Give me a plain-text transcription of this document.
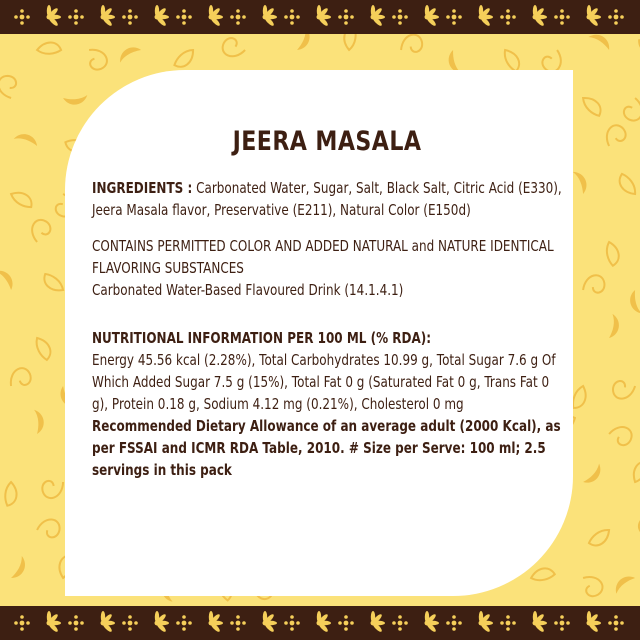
JEERA MASALA

INGREDIENTS : Carbonated Water, Sugar, Salt, Black Salt, Citric Acid (E330), Jeera Masala flavor, Preservative (E211), Natural Color (E150d)

CONTAINS PERMITTED COLOR AND ADDED NATURAL and NATURE IDENTICAL FLAVORING SUBSTANCES

Carbonated Water-Based Flavoured Drink (14.1.4.1)

NUTRITIONAL INFORMATION PER 100 ML (% RDA):

Energy 45.56 kcal (2.28%), Total Carbohydrates 10.99 g, Total Sugar 7.6 g Of Which Added Sugar 7.5 g (15%), Total Fat 0 g (Saturated Fat 0 g, Trans Fat 0 g), Protein 0.18 g, Sodium 4.12 mg (0.21%), Cholesterol 0 mg

Recommended Dietary Allowance of an average adult (2000 Kcal), as per FSSAI and ICMR RDA Table, 2010. # Size per Serve: 100 ml; 2.5 servings in this pack
